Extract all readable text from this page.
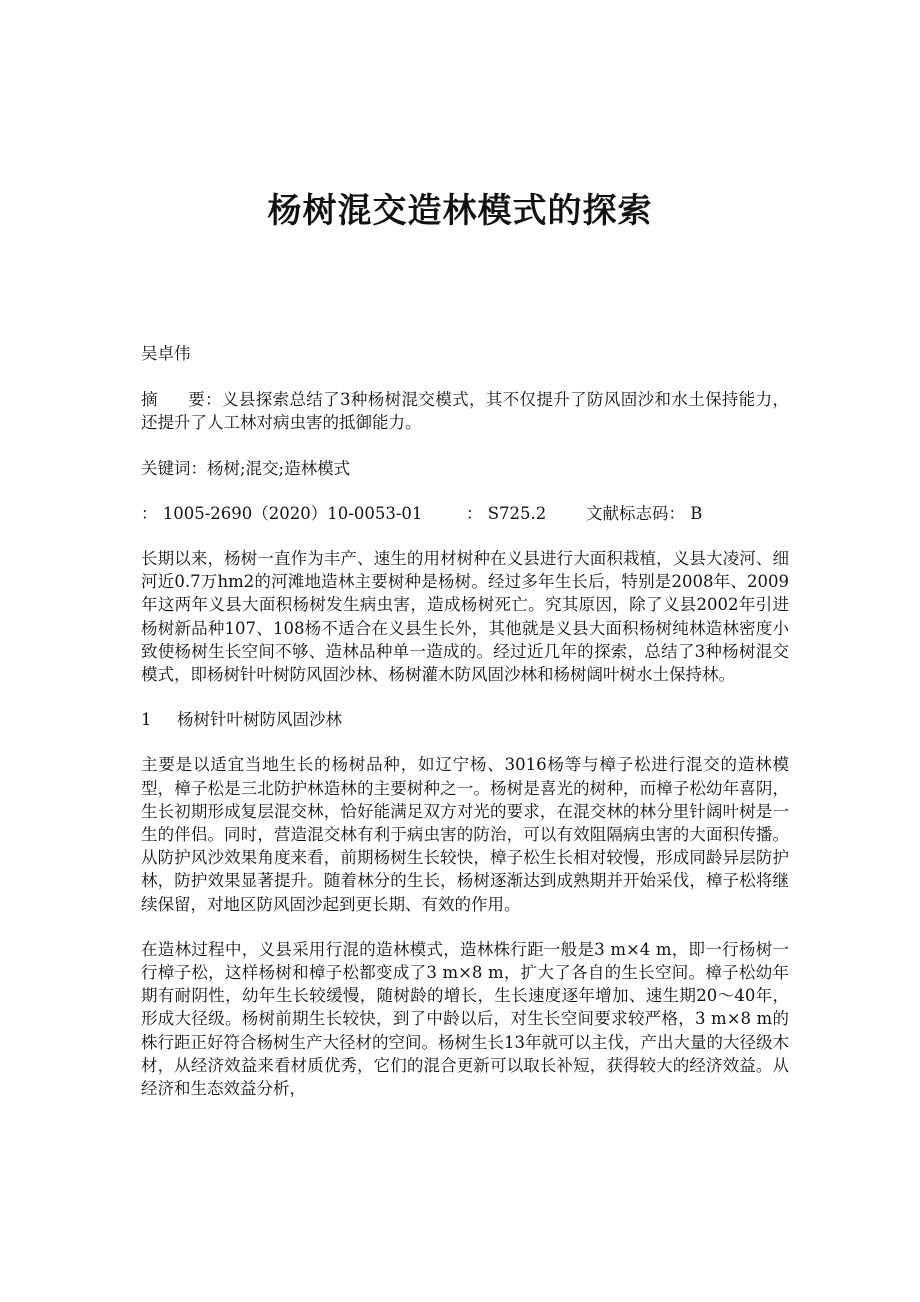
杨树混交造林模式的探索

吴卓伟

摘 要：义县探索总结了3种杨树混交模式，其不仅提升了防风固沙和水土保持能力，还提升了人工林对病虫害的抵御能力。

关键词：杨树;混交;造林模式

： 1005-2690（2020）10-0053-01	： S725.2	文献标志码： B

长期以来，杨树一直作为丰产、速生的用材树种在义县进行大面积栽植，义县大凌河、细河近0.7万hm2的河滩地造林主要树种是杨树。经过多年生长后，特别是2008年、2009年这两年义县大面积杨树发生病虫害，造成杨树死亡。究其原因，除了义县2002年引进杨树新品种107、108杨不适合在义县生长外，其他就是义县大面积杨树纯林造林密度小致使杨树生长空间不够、造林品种单一造成的。经过近几年的探索，总结了3种杨树混交模式，即杨树针叶树防风固沙林、杨树灌木防风固沙林和杨树阔叶树水土保持林。

1 杨树针叶树防风固沙林

主要是以适宜当地生长的杨树品种，如辽宁杨、3016杨等与樟子松进行混交的造林模型，樟子松是三北防护林造林的主要树种之一。杨树是喜光的树种，而樟子松幼年喜阴，生长初期形成复层混交林，恰好能满足双方对光的要求，在混交林的林分里针阔叶树是一生的伴侣。同时，营造混交林有利于病虫害的防治，可以有效阻隔病虫害的大面积传播。从防护风沙效果角度来看，前期杨树生长较快，樟子松生长相对较慢，形成同龄异层防护林，防护效果显著提升。随着林分的生长，杨树逐渐达到成熟期并开始采伐，樟子松将继续保留，对地区防风固沙起到更长期、有效的作用。

在造林过程中，义县采用行混的造林模式，造林株行距一般是3 m×4 m，即一行杨树一行樟子松，这样杨树和樟子松都变成了3 m×8 m，扩大了各自的生长空间。樟子松幼年期有耐阴性，幼年生长较缓慢，随树龄的增长，生长速度逐年增加、速生期20～40年，形成大径级。杨树前期生长较快，到了中龄以后，对生长空间要求较严格，3 m×8 m的株行距正好符合杨树生产大径材的空间。杨树生长13年就可以主伐，产出大量的大径级木材，从经济效益来看材质优秀，它们的混合更新可以取长补短，获得较大的经济效益。从经济和生态效益分析，
